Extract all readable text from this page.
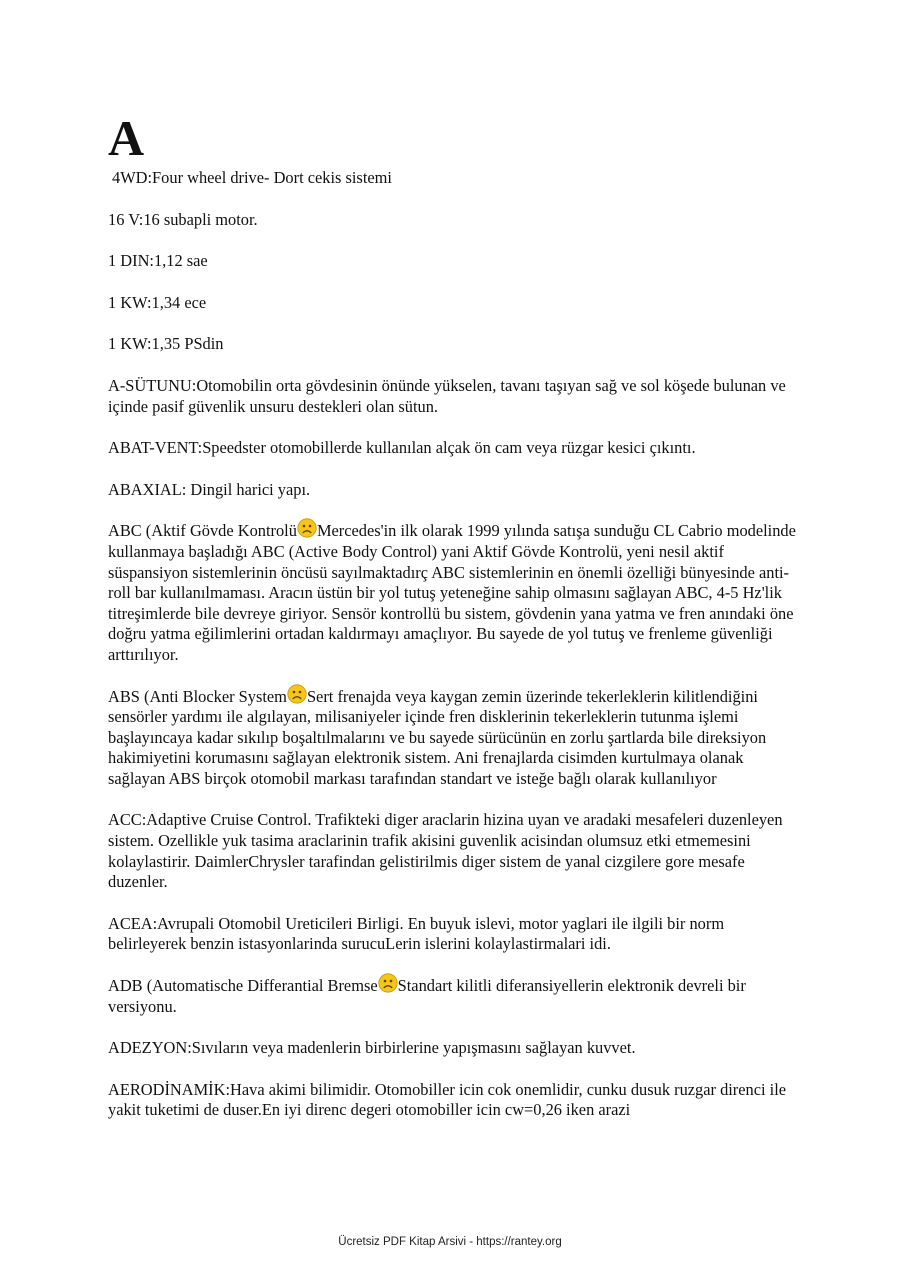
A
4WD:Four wheel drive- Dort cekis sistemi
16 V:16 subapli motor.
1 DIN:1,12 sae
1 KW:1,34 ece
1 KW:1,35 PSdin
A-SÜTUNU:Otomobilin orta gövdesinin önünde yükselen, tavanı taşıyan sağ ve sol köşede bulunan ve içinde pasif güvenlik unsuru destekleri olan sütun.
ABAT-VENT:Speedster otomobillerde kullanılan alçak ön cam veya rüzgar kesici çıkıntı.
ABAXIAL: Dingil harici yapı.
ABC (Aktif Gövde Kontrolü Mercedes'in ilk olarak 1999 yılında satışa sunduğu CL Cabrio modelinde kullanmaya başladığı ABC (Active Body Control) yani Aktif Gövde Kontrolü, yeni nesil aktif süspansiyon sistemlerinin öncüsü sayılmaktadırç ABC sistemlerinin en önemli özelliği bünyesinde anti-roll bar kullanılmaması. Aracın üstün bir yol tutuş yeteneğine sahip olmasını sağlayan ABC, 4-5 Hz'lik titreşimlerde bile devreye giriyor. Sensör kontrollü bu sistem, gövdenin yana yatma ve fren anındaki öne doğru yatma eğilimlerini ortadan kaldırmayı amaçlıyor. Bu sayede de yol tutuş ve frenleme güvenliği arttırılıyor.
ABS (Anti Blocker System Sert frenajda veya kaygan zemin üzerinde tekerleklerin kilitlendiğini sensörler yardımı ile algılayan, milisaniyeler içinde fren disklerinin tekerleklerin tutunma işlemi başlayıncaya kadar sıkılıp boşaltılmalarını ve bu sayede sürücünün en zorlu şartlarda bile direksiyon hakimiyetini korumasını sağlayan elektronik sistem. Ani frenajlarda cisimden kurtulmaya olanak sağlayan ABS birçok otomobil markası tarafından standart ve isteğe bağlı olarak kullanılıyor
ACC:Adaptive Cruise Control. Trafikteki diger araclarin hizina uyan ve aradaki mesafeleri duzenleyen sistem. Ozellikle yuk tasima araclarinin trafik akisini guvenlik acisindan olumsuz etki etmemesini kolaylastirir. DaimlerChrysler tarafindan gelistirilmis diger sistem de yanal cizgilere gore mesafe duzenler.
ACEA:Avrupali Otomobil Ureticileri Birligi. En buyuk islevi, motor yaglari ile ilgili bir norm belirleyerek benzin istasyonlarinda surucuLerin islerini kolaylastirmalari idi.
ADB (Automatische Differantial Bremse Standart kilitli diferansiyellerin elektronik devreli bir versiyonu.
ADEZYON:Sıvıların veya madenlerin birbirlerine yapışmasını sağlayan kuvvet.
AERODİNAMİK:Hava akimi bilimidir. Otomobiller icin cok onemlidir, cunku dusuk ruzgar direnci ile yakit tuketimi de duser.En iyi direnc degeri otomobiller icin cw=0,26 iken arazi
Ücretsiz PDF Kitap Arsivi - https://rantey.org
